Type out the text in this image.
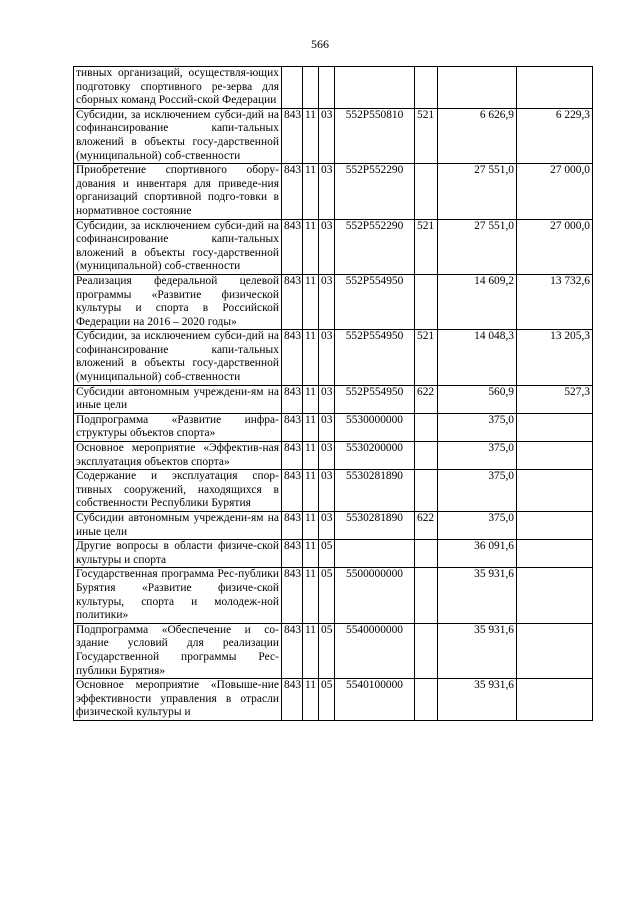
566
тивных организаций, осуществля-ющих подготовку спортивного ре-зерва для сборных команд Россий-ской Федерации							
Субсидии, за исключением субси-дий на софинансирование капи-тальных вложений в объекты госу-дарственной (муниципальной) соб-ственности	843	11	03	552P550810	521	6 626,9	6 229,3
Приобретение спортивного обору-дования и инвентаря для приведе-ния организаций спортивной подго-товки в нормативное состояние	843	11	03	552P552290		27 551,0	27 000,0
Субсидии, за исключением субси-дий на софинансирование капи-тальных вложений в объекты госу-дарственной (муниципальной) соб-ственности	843	11	03	552P552290	521	27 551,0	27 000,0
Реализация федеральной целевой программы «Развитие физической культуры и спорта в Российской Федерации на 2016 – 2020 годы»	843	11	03	552P554950		14 609,2	13 732,6
Субсидии, за исключением субси-дий на софинансирование капи-тальных вложений в объекты госу-дарственной (муниципальной) соб-ственности	843	11	03	552P554950	521	14 048,3	13 205,3
Субсидии автономным учреждени-ям на иные цели	843	11	03	552P554950	622	560,9	527,3
Подпрограмма «Развитие инфра-структуры объектов спорта»	843	11	03	5530000000		375,0	
Основное мероприятие «Эффектив-ная эксплуатация объектов спорта»	843	11	03	5530200000		375,0	
Содержание и эксплуатация спор-тивных сооружений, находящихся в собственности Республики Бурятия	843	11	03	5530281890		375,0	
Субсидии автономным учреждени-ям на иные цели	843	11	03	5530281890	622	375,0	
Другие вопросы в области физиче-ской культуры и спорта	843	11	05			36 091,6	
Государственная программа Рес-публики Бурятия «Развитие физиче-ской культуры, спорта и молодеж-ной политики»	843	11	05	5500000000		35 931,6	
Подпрограмма «Обеспечение и со-здание условий для реализации Государственной программы Рес-публики Бурятия»	843	11	05	5540000000		35 931,6	
Основное мероприятие «Повыше-ние эффективности управления в отрасли физической культуры и	843	11	05	5540100000		35 931,6	
